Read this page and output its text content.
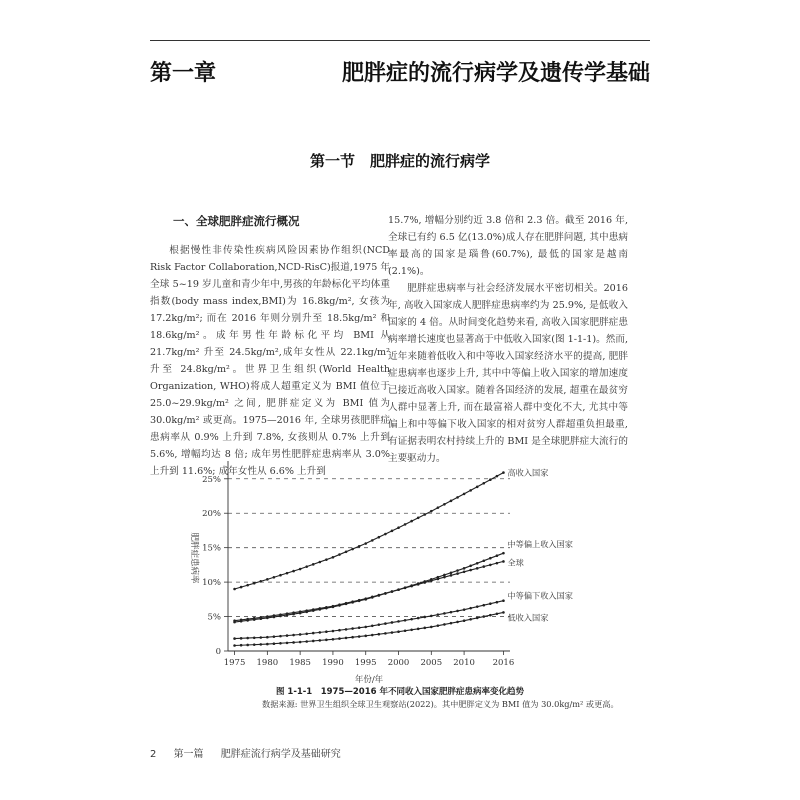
第一章	肥胖症的流行病学及遗传学基础
第一节　肥胖症的流行病学
一、全球肥胖症流行概况

根据慢性非传染性疾病风险因素协作组织(NCD Risk Factor Collaboration,NCD-RisC)报道,1975 年全球 5~19 岁儿童和青少年中,男孩的年龄标化平均体重指数(body mass index,BMI)为 16.8kg/m², 女孩为 17.2kg/m²; 而在 2016 年则分别升至 18.5kg/m² 和 18.6kg/m²。成年男性年龄标化平均 BMI 从 21.7kg/m² 升至 24.5kg/m²,成年女性从 22.1kg/m² 升至 24.8kg/m²。世界卫生组织(World Health Organization, WHO)将成人超重定义为 BMI 值位于 25.0~29.9kg/m² 之间, 肥胖症定义为 BMI 值为 30.0kg/m² 或更高。1975—2016 年, 全球男孩肥胖症患病率从 0.9% 上升到 7.8%, 女孩则从 0.7% 上升到 5.6%, 增幅均达 8 倍; 成年男性肥胖症患病率从 3.0% 上升到 11.6%; 成年女性从 6.6% 上升到

15.7%, 增幅分别约近 3.8 倍和 2.3 倍。截至 2016 年, 全球已有约 6.5 亿(13.0%)成人存在肥胖问题, 其中患病率最高的国家是瑙鲁(60.7%), 最低的国家是越南(2.1%)。

肥胖症患病率与社会经济发展水平密切相关。2016 年, 高收入国家成人肥胖症患病率约为 25.9%, 是低收入国家的 4 倍。从时间变化趋势来看, 高收入国家肥胖症患病率增长速度也显著高于中低收入国家(图 1-1-1)。然而, 近年来随着低收入和中等收入国家经济水平的提高, 肥胖症患病率也逐步上升, 其中中等偏上收入国家的增加速度已接近高收入国家。随着各国经济的发展, 超重在最贫穷人群中显著上升, 而在最富裕人群中变化不大, 尤其中等偏上和中等偏下收入国家的相对贫穷人群超重负担最重, 有证据表明农村持续上升的 BMI 是全球肥胖症大流行的主要驱动力。

0
5%
10%
15%
20%
25%
1975 1980 1985 1990 1995 2000 2005 2010 2016
年份/年
肥胖症患病率
高收入国家
中等偏上收入国家
全球
中等偏下收入国家
低收入国家
图 1-1-1　1975—2016 年不同收入国家肥胖症患病率变化趋势
数据来源: 世界卫生组织全球卫生观察站(2022)。其中肥胖定义为 BMI 值为 30.0kg/m² 或更高。
2 第一篇 肥胖症流行病学及基础研究
